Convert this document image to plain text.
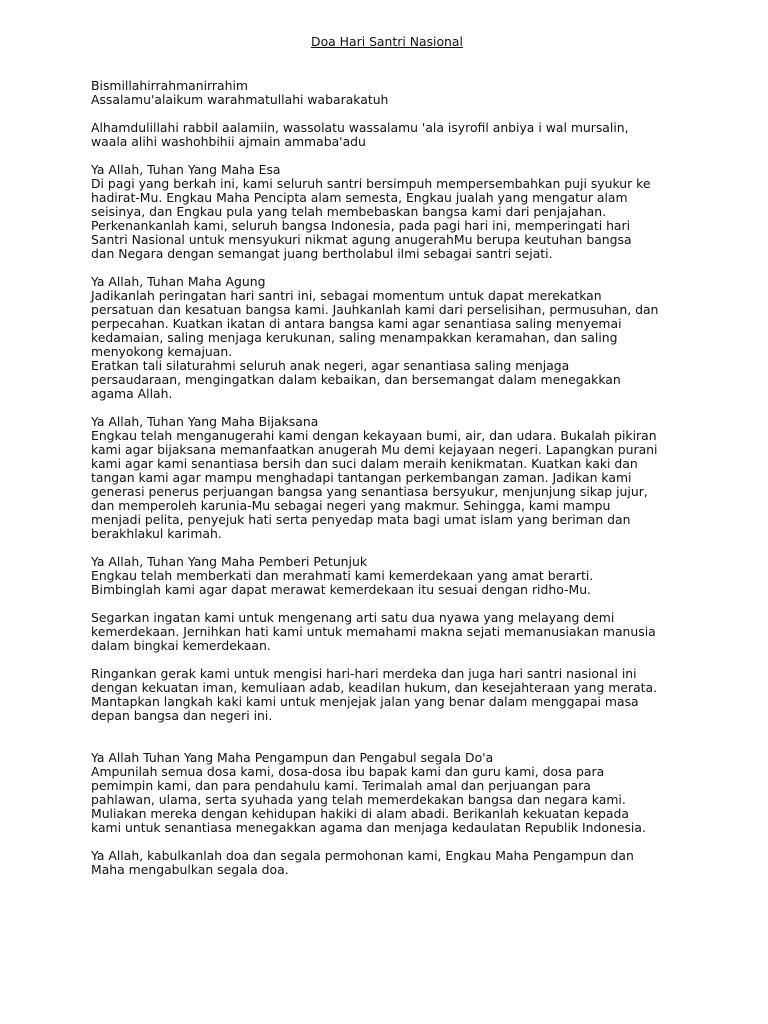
Doa Hari Santri Nasional
Bismillahirrahmanirrahim
Assalamu'alaikum warahmatullahi wabarakatuh
Alhamdulillahi rabbil aalamiin, wassolatu wassalamu 'ala isyrofil anbiya i wal mursalin,
waala alihi washohbihii ajmain ammaba'adu
Ya Allah, Tuhan Yang Maha Esa
Di pagi yang berkah ini, kami seluruh santri bersimpuh mempersembahkan puji syukur ke
hadirat-Mu. Engkau Maha Pencipta alam semesta, Engkau jualah yang mengatur alam
seisinya, dan Engkau pula yang telah membebaskan bangsa kami dari penjajahan.
Perkenankanlah kami, seluruh bangsa Indonesia, pada pagi hari ini, memperingati hari
Santri Nasional untuk mensyukuri nikmat agung anugerahMu berupa keutuhan bangsa
dan Negara dengan semangat juang bertholabul ilmi sebagai santri sejati.
Ya Allah, Tuhan Maha Agung
Jadikanlah peringatan hari santri ini, sebagai momentum untuk dapat merekatkan
persatuan dan kesatuan bangsa kami. Jauhkanlah kami dari perselisihan, permusuhan, dan
perpecahan. Kuatkan ikatan di antara bangsa kami agar senantiasa saling menyemai
kedamaian, saling menjaga kerukunan, saling menampakkan keramahan, dan saling
menyokong kemajuan.
Eratkan tali silaturahmi seluruh anak negeri, agar senantiasa saling menjaga
persaudaraan, mengingatkan dalam kebaikan, dan bersemangat dalam menegakkan
agama Allah.
Ya Allah, Tuhan Yang Maha Bijaksana
Engkau telah menganugerahi kami dengan kekayaan bumi, air, dan udara. Bukalah pikiran
kami agar bijaksana memanfaatkan anugerah Mu demi kejayaan negeri. Lapangkan purani
kami agar kami senantiasa bersih dan suci dalam meraih kenikmatan. Kuatkan kaki dan
tangan kami agar mampu menghadapi tantangan perkembangan zaman. Jadikan kami
generasi penerus perjuangan bangsa yang senantiasa bersyukur, menjunjung sikap jujur,
dan memperoleh karunia-Mu sebagai negeri yang makmur. Sehingga, kami mampu
menjadi pelita, penyejuk hati serta penyedap mata bagi umat islam yang beriman dan
berakhlakul karimah.
Ya Allah, Tuhan Yang Maha Pemberi Petunjuk
Engkau telah memberkati dan merahmati kami kemerdekaan yang amat berarti.
Bimbinglah kami agar dapat merawat kemerdekaan itu sesuai dengan ridho-Mu.
Segarkan ingatan kami untuk mengenang arti satu dua nyawa yang melayang demi
kemerdekaan. Jernihkan hati kami untuk memahami makna sejati memanusiakan manusia
dalam bingkai kemerdekaan.
Ringankan gerak kami untuk mengisi hari-hari merdeka dan juga hari santri nasional ini
dengan kekuatan iman, kemuliaan adab, keadilan hukum, dan kesejahteraan yang merata.
Mantapkan langkah kaki kami untuk menjejak jalan yang benar dalam menggapai masa
depan bangsa dan negeri ini.
Ya Allah Tuhan Yang Maha Pengampun dan Pengabul segala Do'a
Ampunilah semua dosa kami, dosa-dosa ibu bapak kami dan guru kami, dosa para
pemimpin kami, dan para pendahulu kami. Terimalah amal dan perjuangan para
pahlawan, ulama, serta syuhada yang telah memerdekakan bangsa dan negara kami.
Muliakan mereka dengan kehidupan hakiki di alam abadi. Berikanlah kekuatan kepada
kami untuk senantiasa menegakkan agama dan menjaga kedaulatan Republik Indonesia.
Ya Allah, kabulkanlah doa dan segala permohonan kami, Engkau Maha Pengampun dan
Maha mengabulkan segala doa.
